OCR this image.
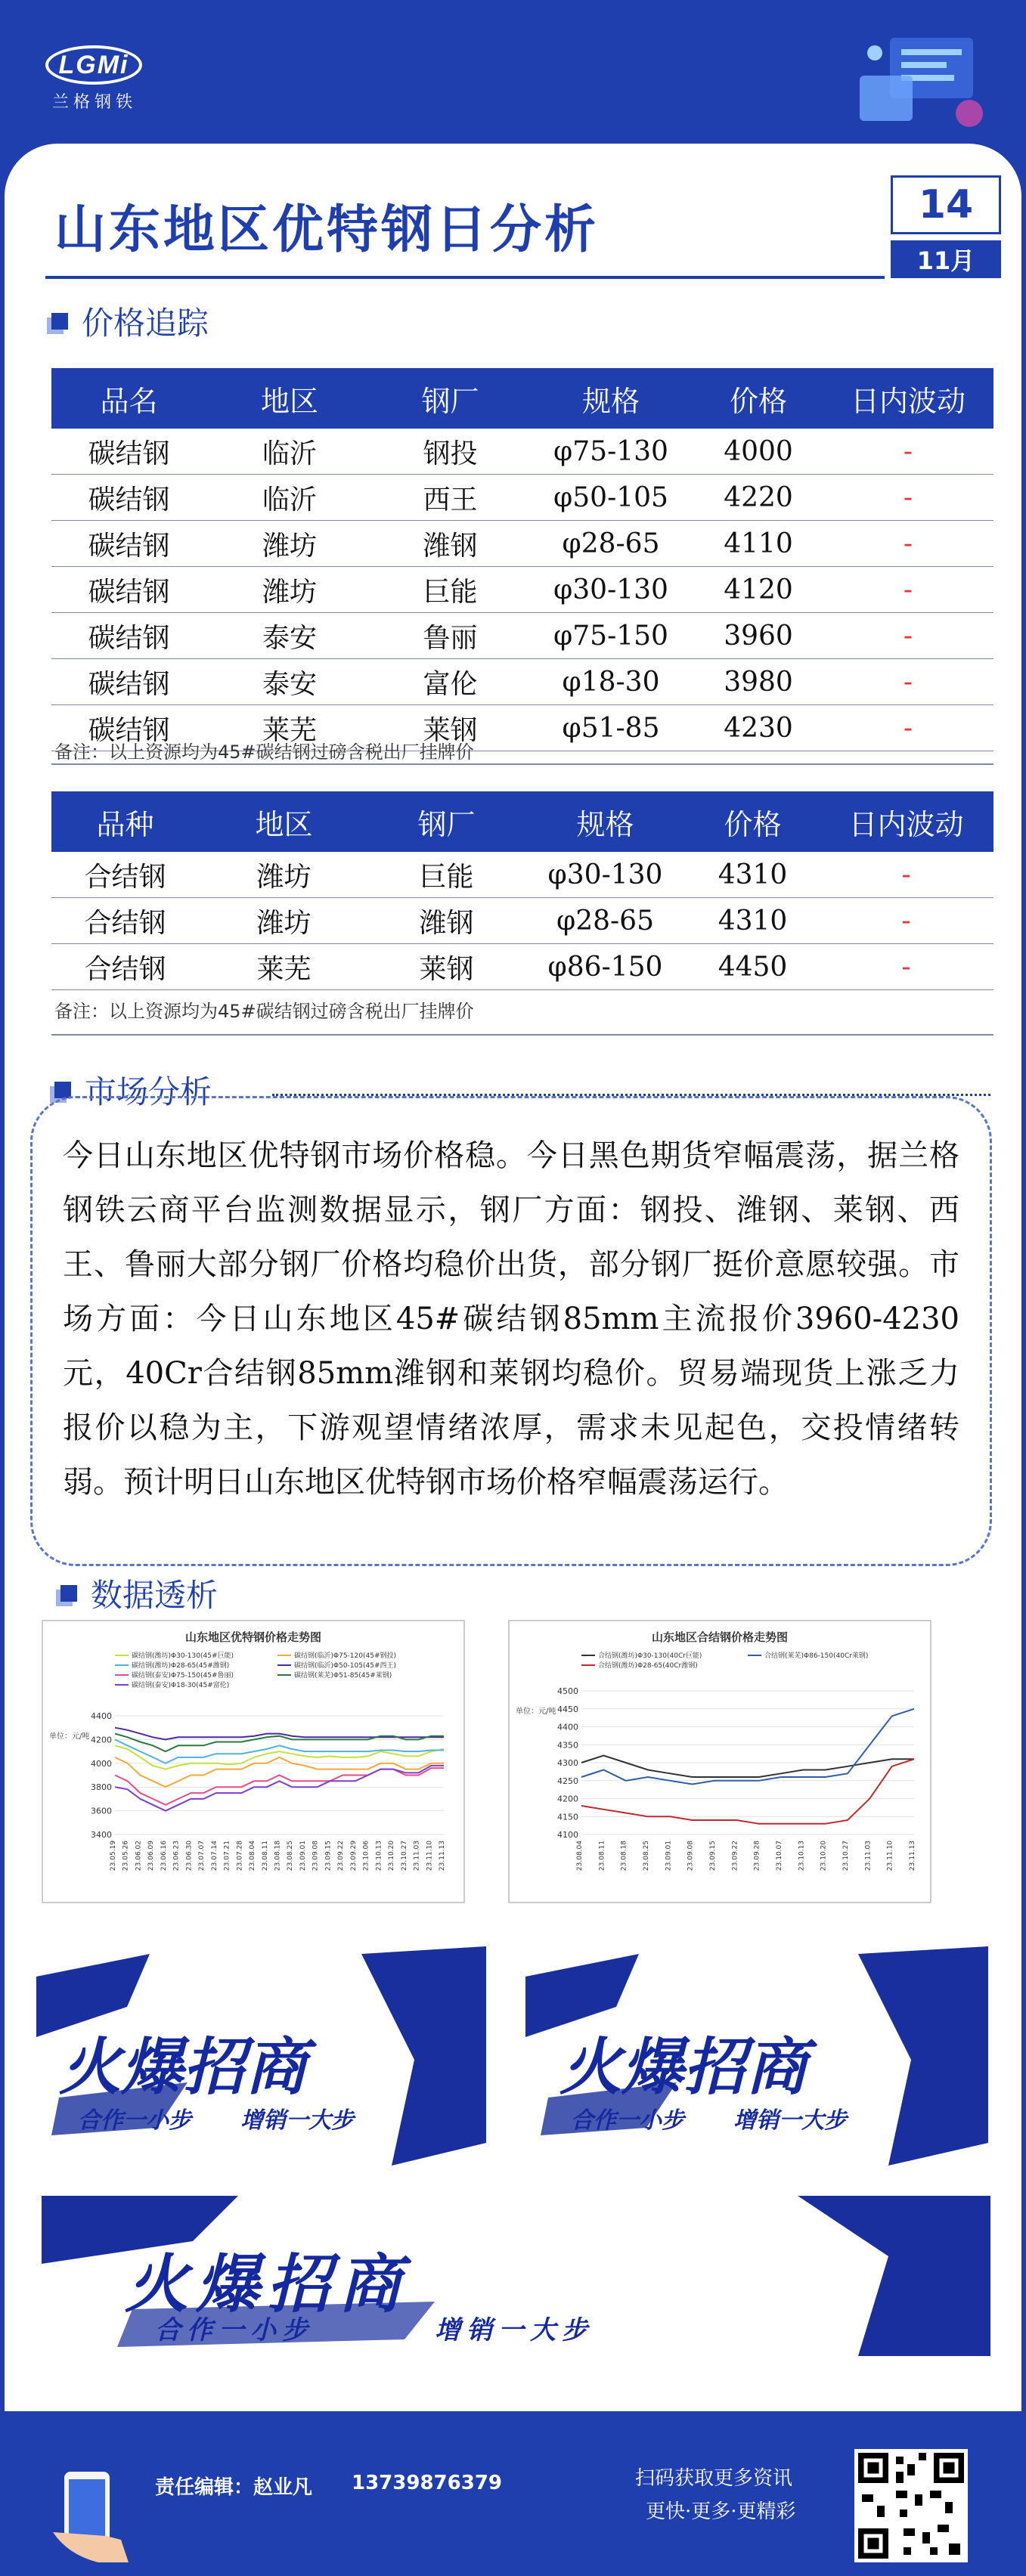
LGMi
兰格钢铁
山东地区优特钢日分析	14
11月
价格追踪
品名	地区	钢厂	规格	价格	日内波动
碳结钢	临沂	钢投	φ75-130	4000	-
碳结钢	临沂	西王	φ50-105	4220	-
碳结钢	潍坊	潍钢	φ28-65	4110	-
碳结钢	潍坊	巨能	φ30-130	4120	-
碳结钢	泰安	鲁丽	φ75-150	3960	-
碳结钢	泰安	富伦	φ18-30	3980	-
碳结钢	莱芜	莱钢	φ51-85	4230	-
备注：以上资源均为45#碳结钢过磅含税出厂挂牌价
品种	地区	钢厂	规格	价格	日内波动
合结钢	潍坊	巨能	φ30-130	4310	-
合结钢	潍坊	潍钢	φ28-65	4310	-
合结钢	莱芜	莱钢	φ86-150	4450	-
备注：以上资源均为45#碳结钢过磅含税出厂挂牌价
市场分析

今日山东地区优特钢市场价格稳。今日黑色期货窄幅震荡，据兰格钢铁云商平台监测数据显示，钢厂方面：钢投、潍钢、莱钢、西王、鲁丽大部分钢厂价格均稳价出货，部分钢厂挺价意愿较强。市场方面：今日山东地区45#碳结钢85mm主流报价3960-4230元，40Cr合结钢85mm潍钢和莱钢均稳价。贸易端现货上涨乏力报价以稳为主，下游观望情绪浓厚，需求未见起色，交投情绪转弱。预计明日山东地区优特钢市场价格窄幅震荡运行。

数据透析
山东地区优特钢价格走势图
碳结钢(潍坊)Φ30-130(45#巨能)	碳结钢(临沂)Φ75-120(45#钢投)
碳结钢(潍坊)Φ28-65(45#潍钢)	碳结钢(临沂)Φ50-105(45#西王)
碳结钢(泰安)Φ75-150(45#鲁丽)	碳结钢(莱芜)Φ51-85(45#莱钢)
碳结钢(泰安)Φ18-30(45#富伦)
单位：元/吨
3400
3600
3800
4000
4200
4400
23.05.19 23.05.26 23.06.02 23.06.09 23.06.16 23.06.23 23.06.30 23.07.07 23.07.14 23.07.21 23.07.28 23.08.04 23.08.11 23.08.18 23.08.25 23.09.01 23.09.08 23.09.15 23.09.22 23.09.29 23.10.06 23.10.13 23.10.20 23.10.27 23.11.03 23.11.10 23.11.13
山东地区合结钢价格走势图
合结钢(潍坊)Φ30-130(40Cr巨能)	合结钢(莱芜)Φ86-150(40Cr莱钢)
合结钢(潍坊)Φ28-65(40Cr潍钢)
单位：元/吨
4100
4150
4200
4250
4300
4350
4400
4450
4500
23.08.04 23.08.11 23.08.18 23.08.25 23.09.01 23.09.08 23.09.15 23.09.22 23.09.28 23.10.07 23.10.13 23.10.20 23.10.27 23.11.03 23.11.10 23.11.13
火爆招商
合作一小步 增销一大步
火爆招商
合作一小步 增销一大步
火爆招商
合作一小步	增销一大步
责任编辑：赵业凡 13739876379	扫码获取更多资讯
更快·更多·更精彩
